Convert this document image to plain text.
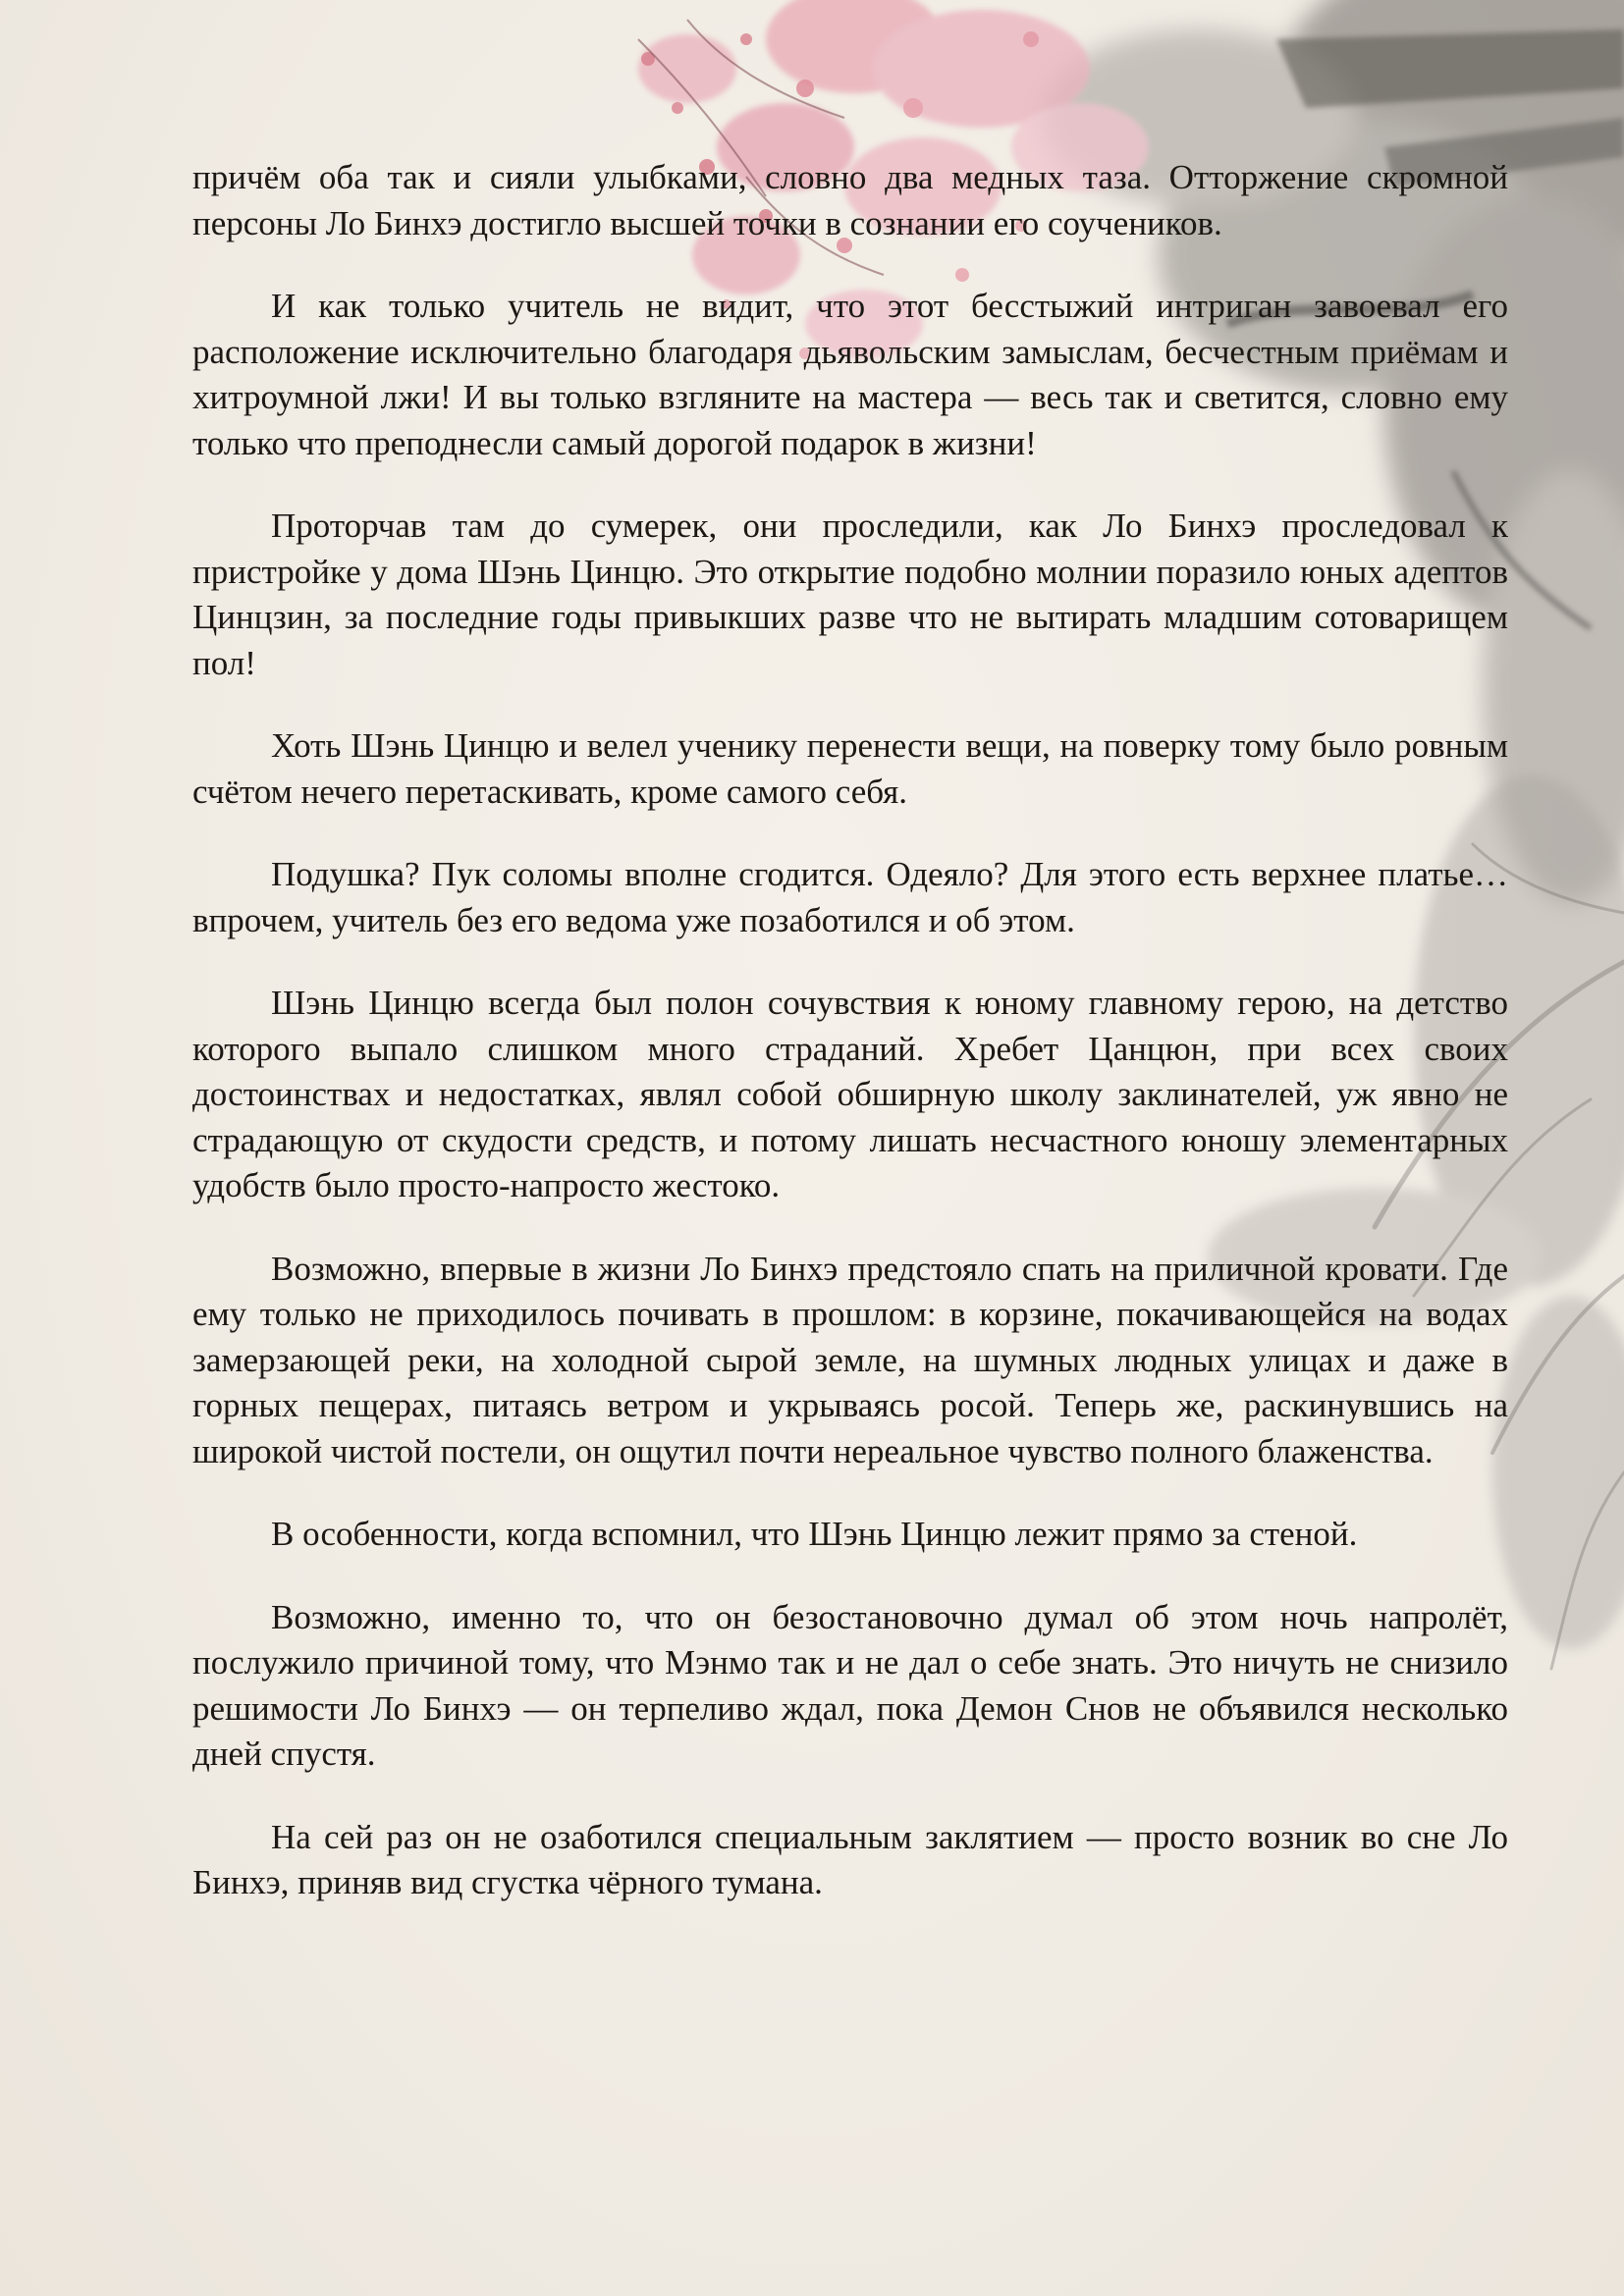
причём оба так и сияли улыбками, словно два медных таза. Отторжение скромной персоны Ло Бинхэ достигло высшей точки в сознании его соучеников.

И как только учитель не видит, что этот бесстыжий интриган завоевал его расположение исключительно благодаря дьявольским замыслам, бесчестным приёмам и хитроумной лжи! И вы только взгляните на мастера — весь так и светится, словно ему только что преподнесли самый дорогой подарок в жизни!

Проторчав там до сумерек, они проследили, как Ло Бинхэ проследовал к пристройке у дома Шэнь Цинцю. Это открытие подобно молнии поразило юных адептов Цинцзин, за последние годы привыкших разве что не вытирать младшим сотоварищем пол!

Хоть Шэнь Цинцю и велел ученику перенести вещи, на поверку тому было ровным счётом нечего перетаскивать, кроме самого себя.

Подушка? Пук соломы вполне сгодится. Одеяло? Для этого есть верхнее платье… впрочем, учитель без его ведома уже позаботился и об этом.

Шэнь Цинцю всегда был полон сочувствия к юному главному герою, на детство которого выпало слишком много страданий. Хребет Цанцюн, при всех своих достоинствах и недостатках, являл собой обширную школу заклинателей, уж явно не страдающую от скудости средств, и потому лишать несчастного юношу элементарных удобств было просто-напросто жестоко.

Возможно, впервые в жизни Ло Бинхэ предстояло спать на приличной кровати. Где ему только не приходилось почивать в прошлом: в корзине, покачивающейся на водах замерзающей реки, на холодной сырой земле, на шумных людных улицах и даже в горных пещерах, питаясь ветром и укрываясь росой. Теперь же, раскинувшись на широкой чистой постели, он ощутил почти нереальное чувство полного блаженства.

В особенности, когда вспомнил, что Шэнь Цинцю лежит прямо за стеной.

Возможно, именно то, что он безостановочно думал об этом ночь напролёт, послужило причиной тому, что Мэнмо так и не дал о себе знать. Это ничуть не снизило решимости Ло Бинхэ — он терпеливо ждал, пока Демон Снов не объявился несколько дней спустя.

На сей раз он не озаботился специальным заклятием — просто возник во сне Ло Бинхэ, приняв вид сгустка чёрного тумана.
